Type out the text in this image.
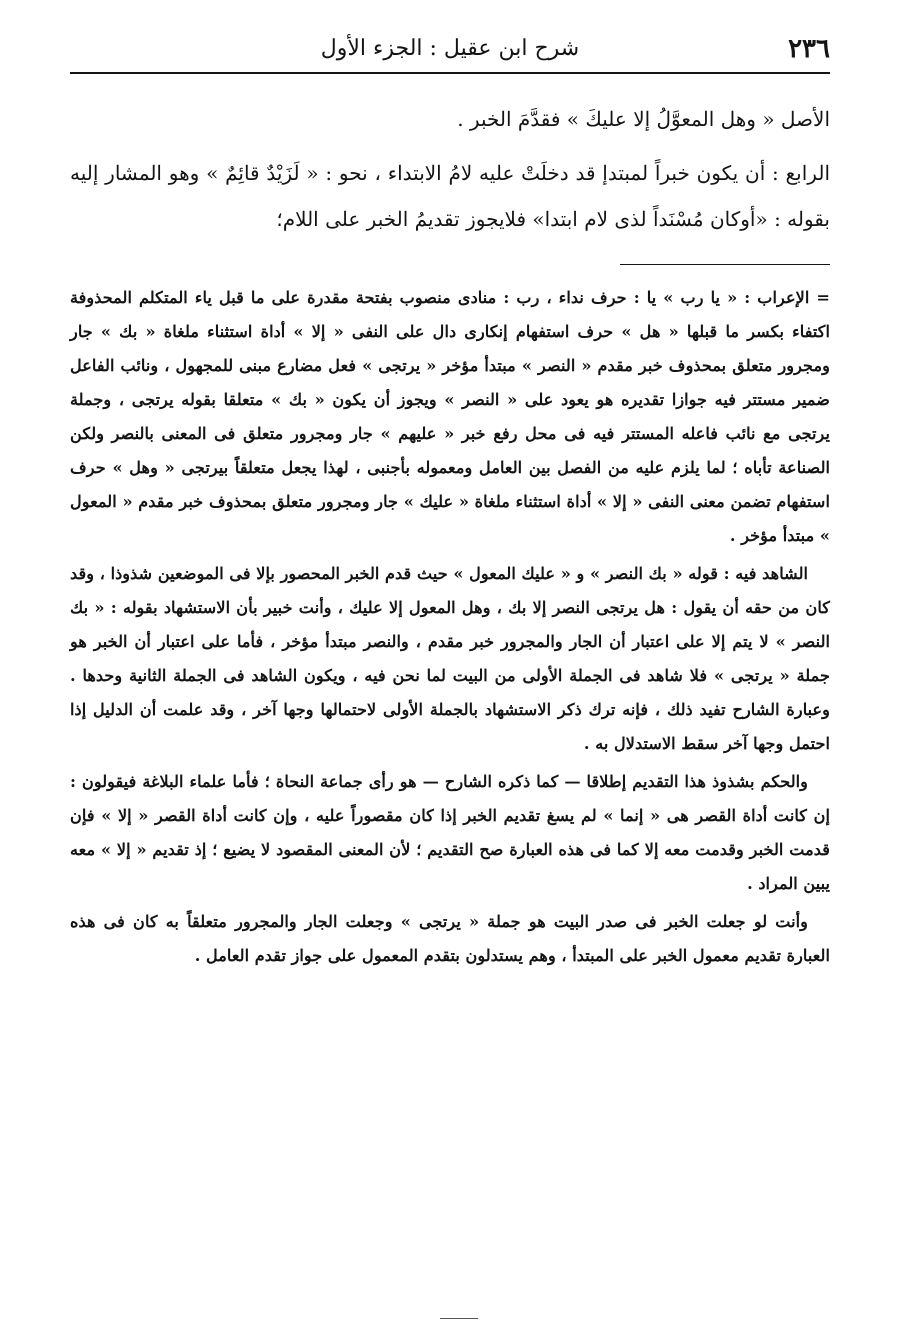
٢٣٦
شرح ابن عقيل : الجزء الأول

الأصل « وهل المعوَّلُ إلا عليكَ » فقدَّمَ الخبر .

الرابع : أن يكون خبراً لمبتدإ قد دخلَتْ عليه لامُ الابتداء ، نحو : « لَزَيْدٌ قائِمٌ » وهو المشار إليه بقوله : «أوكان مُسْنَداً لذى لام ابتدا» فلايجوز تقديمُ الخبر على اللام؛

= الإعراب : « يا رب » يا : حرف نداء ، رب : منادى منصوب بفتحة مقدرة على ما قبل ياء المتكلم المحذوفة اكتفاء بكسر ما قبلها « هل » حرف استفهام إنكارى دال على النفى « إلا » أداة استثناء ملغاة « بك » جار ومجرور متعلق بمحذوف خبر مقدم « النصر » مبتدأ مؤخر « يرتجى » فعل مضارع مبنى للمجهول ، ونائب الفاعل ضمير مستتر فيه جوازا تقديره هو يعود على « النصر » ويجوز أن يكون « بك » متعلقا بقوله يرتجى ، وجملة يرتجى مع نائب فاعله المستتر فيه فى محل رفع خبر « عليهم » جار ومجرور متعلق فى المعنى بالنصر ولكن الصناعة تأباه ؛ لما يلزم عليه من الفصل بين العامل ومعموله بأجنبى ، لهذا يجعل متعلقاً بيرتجى « وهل » حرف استفهام تضمن معنى النفى « إلا » أداة استثناء ملغاة « عليك » جار ومجرور متعلق بمحذوف خبر مقدم « المعول » مبتدأ مؤخر .

الشاهد فيه : قوله « بك النصر » و « عليك المعول » حيث قدم الخبر المحصور بإلا فى الموضعين شذوذا ، وقد كان من حقه أن يقول : هل يرتجى النصر إلا بك ، وهل المعول إلا عليك ، وأنت خبير بأن الاستشهاد بقوله : « بك النصر » لا يتم إلا على اعتبار أن الجار والمجرور خبر مقدم ، والنصر مبتدأ مؤخر ، فأما على اعتبار أن الخبر هو جملة « يرتجى » فلا شاهد فى الجملة الأولى من البيت لما نحن فيه ، ويكون الشاهد فى الجملة الثانية وحدها . وعبارة الشارح تفيد ذلك ، فإنه ترك ذكر الاستشهاد بالجملة الأولى لاحتمالها وجها آخر ، وقد علمت أن الدليل إذا احتمل وجها آخر سقط الاستدلال به .

والحكم بشذوذ هذا التقديم إطلاقا — كما ذكره الشارح — هو رأى جماعة النحاة ؛ فأما علماء البلاغة فيقولون : إن كانت أداة القصر هى « إنما » لم يسغ تقديم الخبر إذا كان مقصوراً عليه ، وإن كانت أداة القصر « إلا » فإن قدمت الخبر وقدمت معه إلا كما فى هذه العبارة صح التقديم ؛ لأن المعنى المقصود لا يضيع ؛ إذ تقديم « إلا » معه يبين المراد .

وأنت لو جعلت الخبر فى صدر البيت هو جملة « يرتجى » وجعلت الجار والمجرور متعلقاً به كان فى هذه العبارة تقديم معمول الخبر على المبتدأ ، وهم يستدلون بتقدم المعمول على جواز تقدم العامل .
